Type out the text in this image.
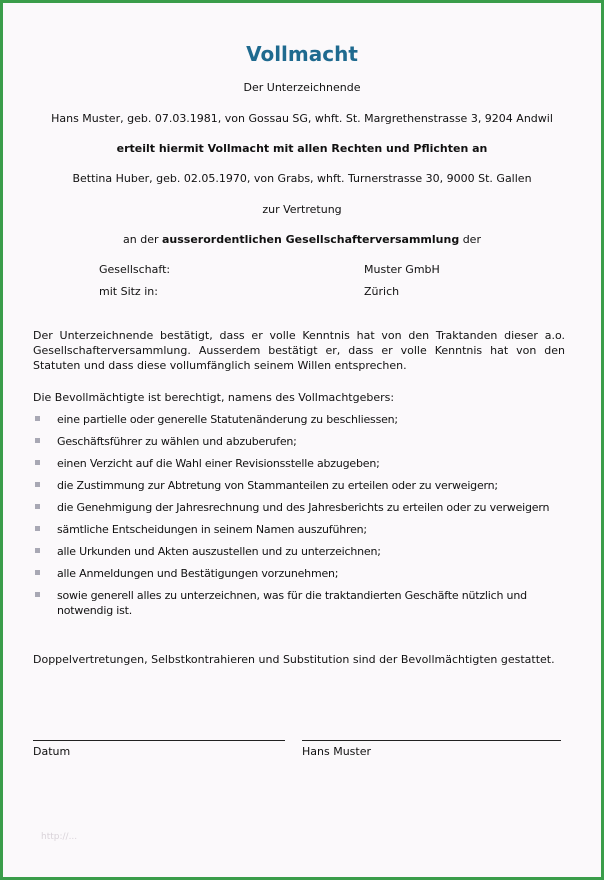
Vollmacht
Der Unterzeichnende
Hans Muster, geb. 07.03.1981, von Gossau SG, whft. St. Margrethenstrasse 3, 9204 Andwil
erteilt hiermit Vollmacht mit allen Rechten und Pflichten an
Bettina Huber, geb. 02.05.1970, von Grabs, whft. Turnerstrasse 30, 9000 St. Gallen
zur Vertretung
an der ausserordentlichen Gesellschafterversammlung der
Gesellschaft:	Muster GmbH
mit Sitz in:	Zürich
Der Unterzeichnende bestätigt, dass er volle Kenntnis hat von den Traktanden dieser a.o. Gesellschafterversammlung. Ausserdem bestätigt er, dass er volle Kenntnis hat von den Statuten und dass diese vollumfänglich seinem Willen entsprechen.
Die Bevollmächtigte ist berechtigt, namens des Vollmachtgebers:
eine partielle oder generelle Statutenänderung zu beschliessen;
Geschäftsführer zu wählen und abzuberufen;
einen Verzicht auf die Wahl einer Revisionsstelle abzugeben;
die Zustimmung zur Abtretung von Stammanteilen zu erteilen oder zu verweigern;
die Genehmigung der Jahresrechnung und des Jahresberichts zu erteilen oder zu verweigern
sämtliche Entscheidungen in seinem Namen auszuführen;
alle Urkunden und Akten auszustellen und zu unterzeichnen;
alle Anmeldungen und Bestätigungen vorzunehmen;
sowie generell alles zu unterzeichnen, was für die traktandierten Geschäfte nützlich und notwendig ist.
Doppelvertretungen, Selbstkontrahieren und Substitution sind der Bevollmächtigten gestattet.
Datum	Hans Muster
http://...
